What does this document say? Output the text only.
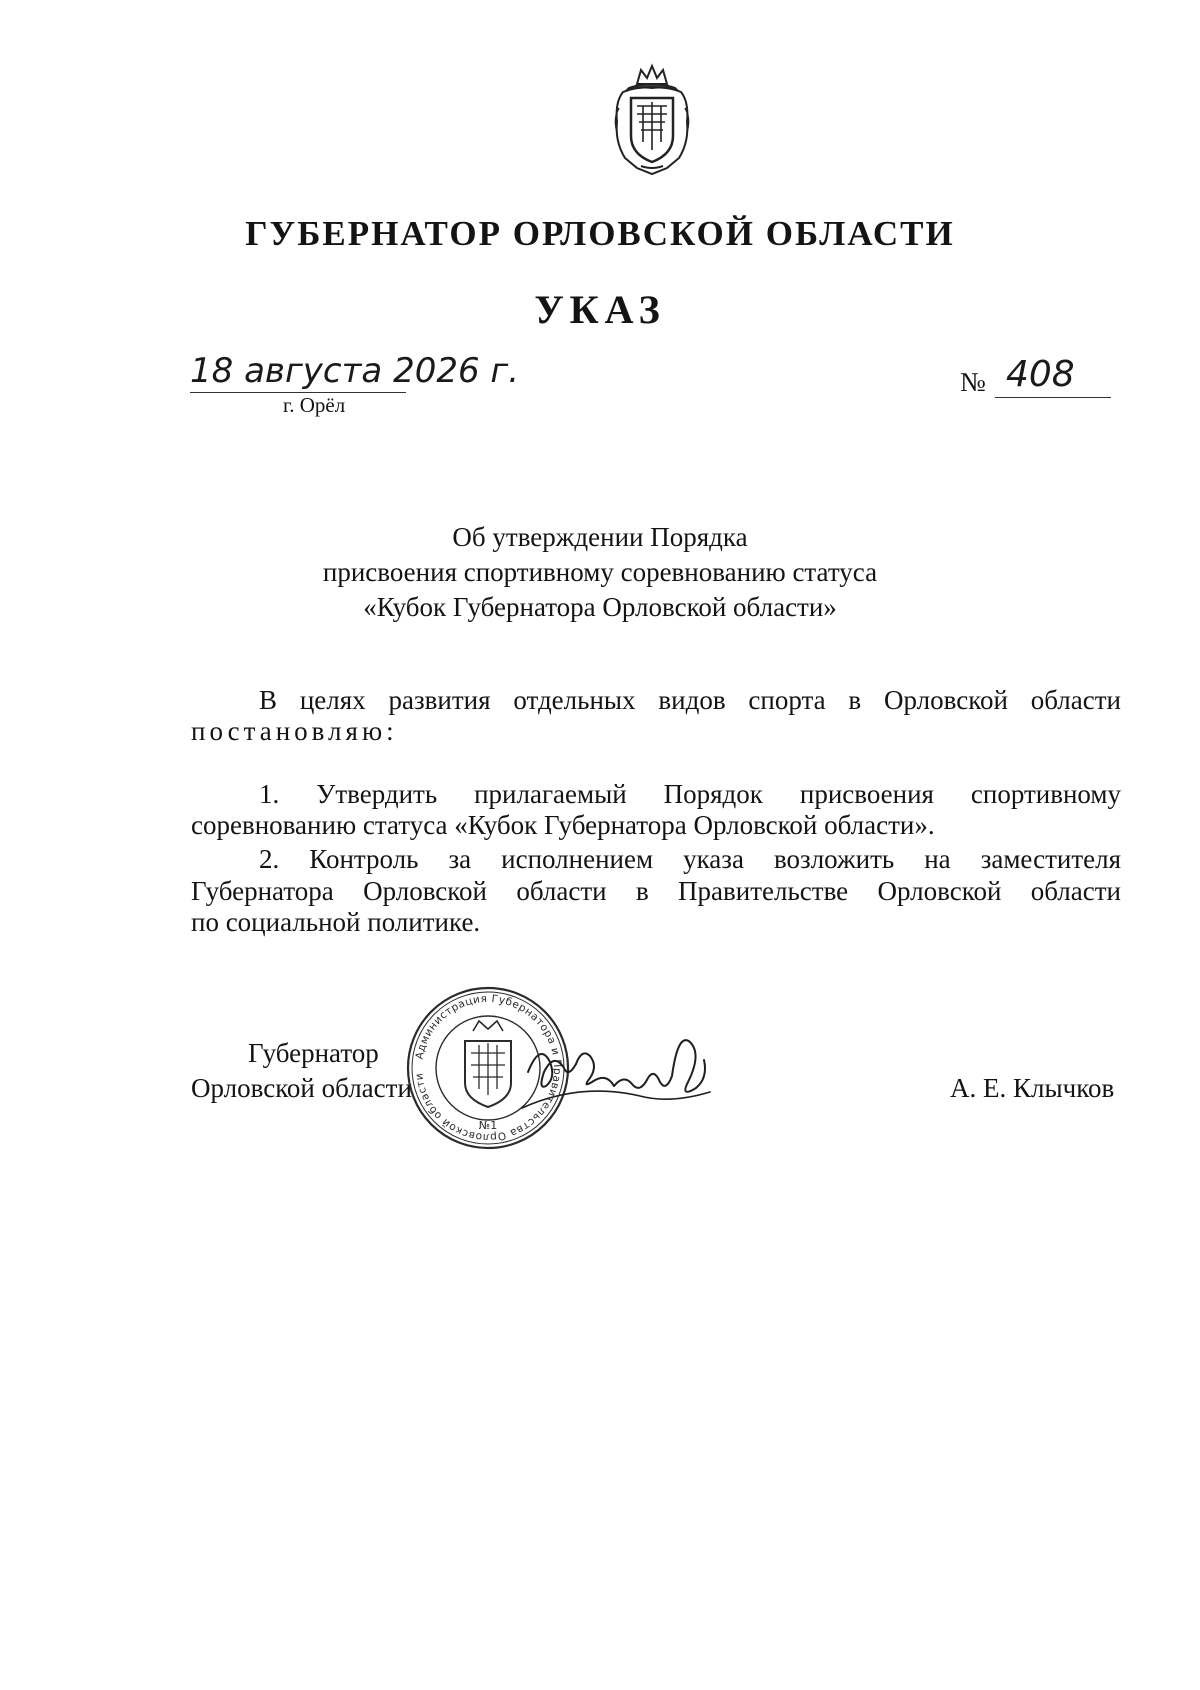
ГУБЕРНАТОР ОРЛОВСКОЙ ОБЛАСТИ
УКАЗ
18 августа 2026 г.
г. Орёл
№ 408
Об утверждении Порядка
присвоения спортивному соревнованию статуса
«Кубок Губернатора Орловской области»
В целях развития отдельных видов спорта в Орловской области
постановляю:
1. Утвердить прилагаемый Порядок присвоения спортивному
соревнованию статуса «Кубок Губернатора Орловской области».
2. Контроль за исполнением указа возложить на заместителя
Губернатора Орловской области в Правительстве Орловской области
по социальной политике.
Губернатор
Орловской области	А. Е. Клычков
Администрация Губернатора и Правительства Орловской области
№1
